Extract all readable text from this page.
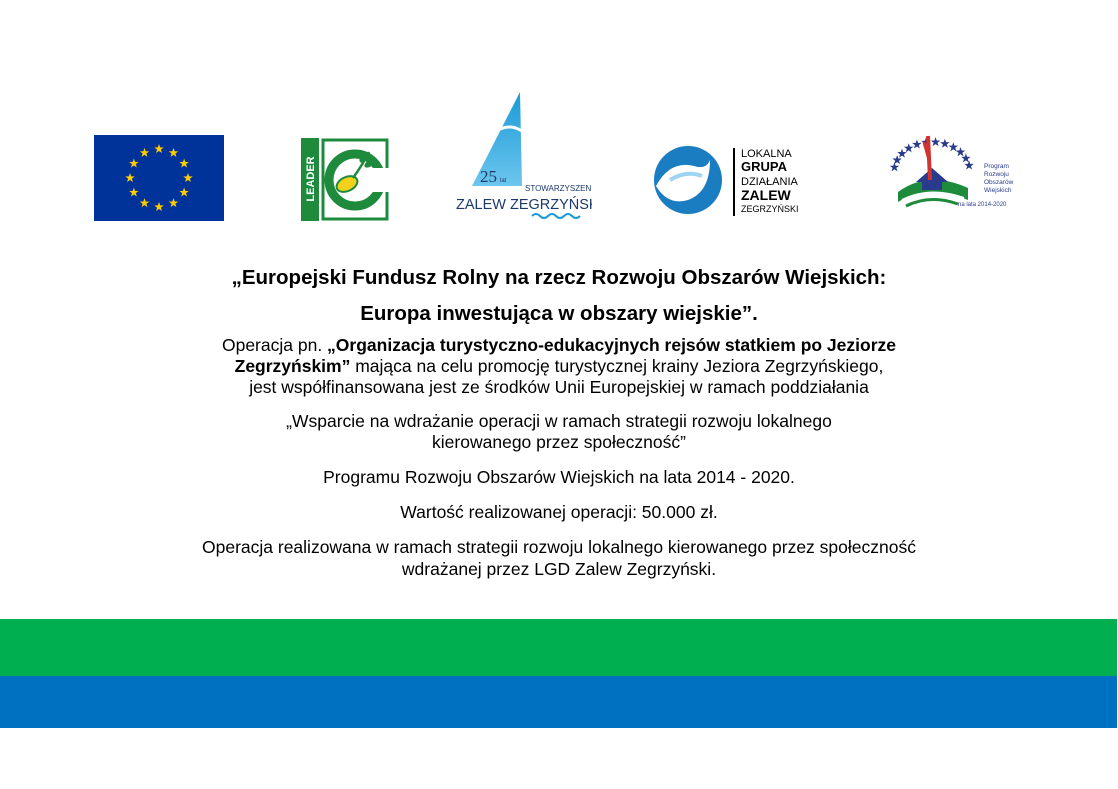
LEADER	25 lat
STOWARZYSZENIE
ZALEW ZEGRZYŃSKI
LOKALNA
GRUPA
DZIAŁANIA
ZALEW
ZEGRZYŃSKI
Program
Rozwoju
Obszarów
Wiejskich
na lata 2014-2020

„Europejski Fundusz Rolny na rzecz Rozwoju Obszarów Wiejskich:

Europa inwestująca w obszary wiejskie”.

Operacja pn. „Organizacja turystyczno-edukacyjnych rejsów statkiem po Jeziorze

Zegrzyńskim” mająca na celu promocję turystycznej krainy Jeziora Zegrzyńskiego,

jest współfinansowana jest ze środków Unii Europejskiej w ramach poddziałania

„Wsparcie na wdrażanie operacji w ramach strategii rozwoju lokalnego

kierowanego przez społeczność”

Programu Rozwoju Obszarów Wiejskich na lata 2014 - 2020.

Wartość realizowanej operacji: 50.000 zł.

Operacja realizowana w ramach strategii rozwoju lokalnego kierowanego przez społeczność

wdrażanej przez LGD Zalew Zegrzyński.
